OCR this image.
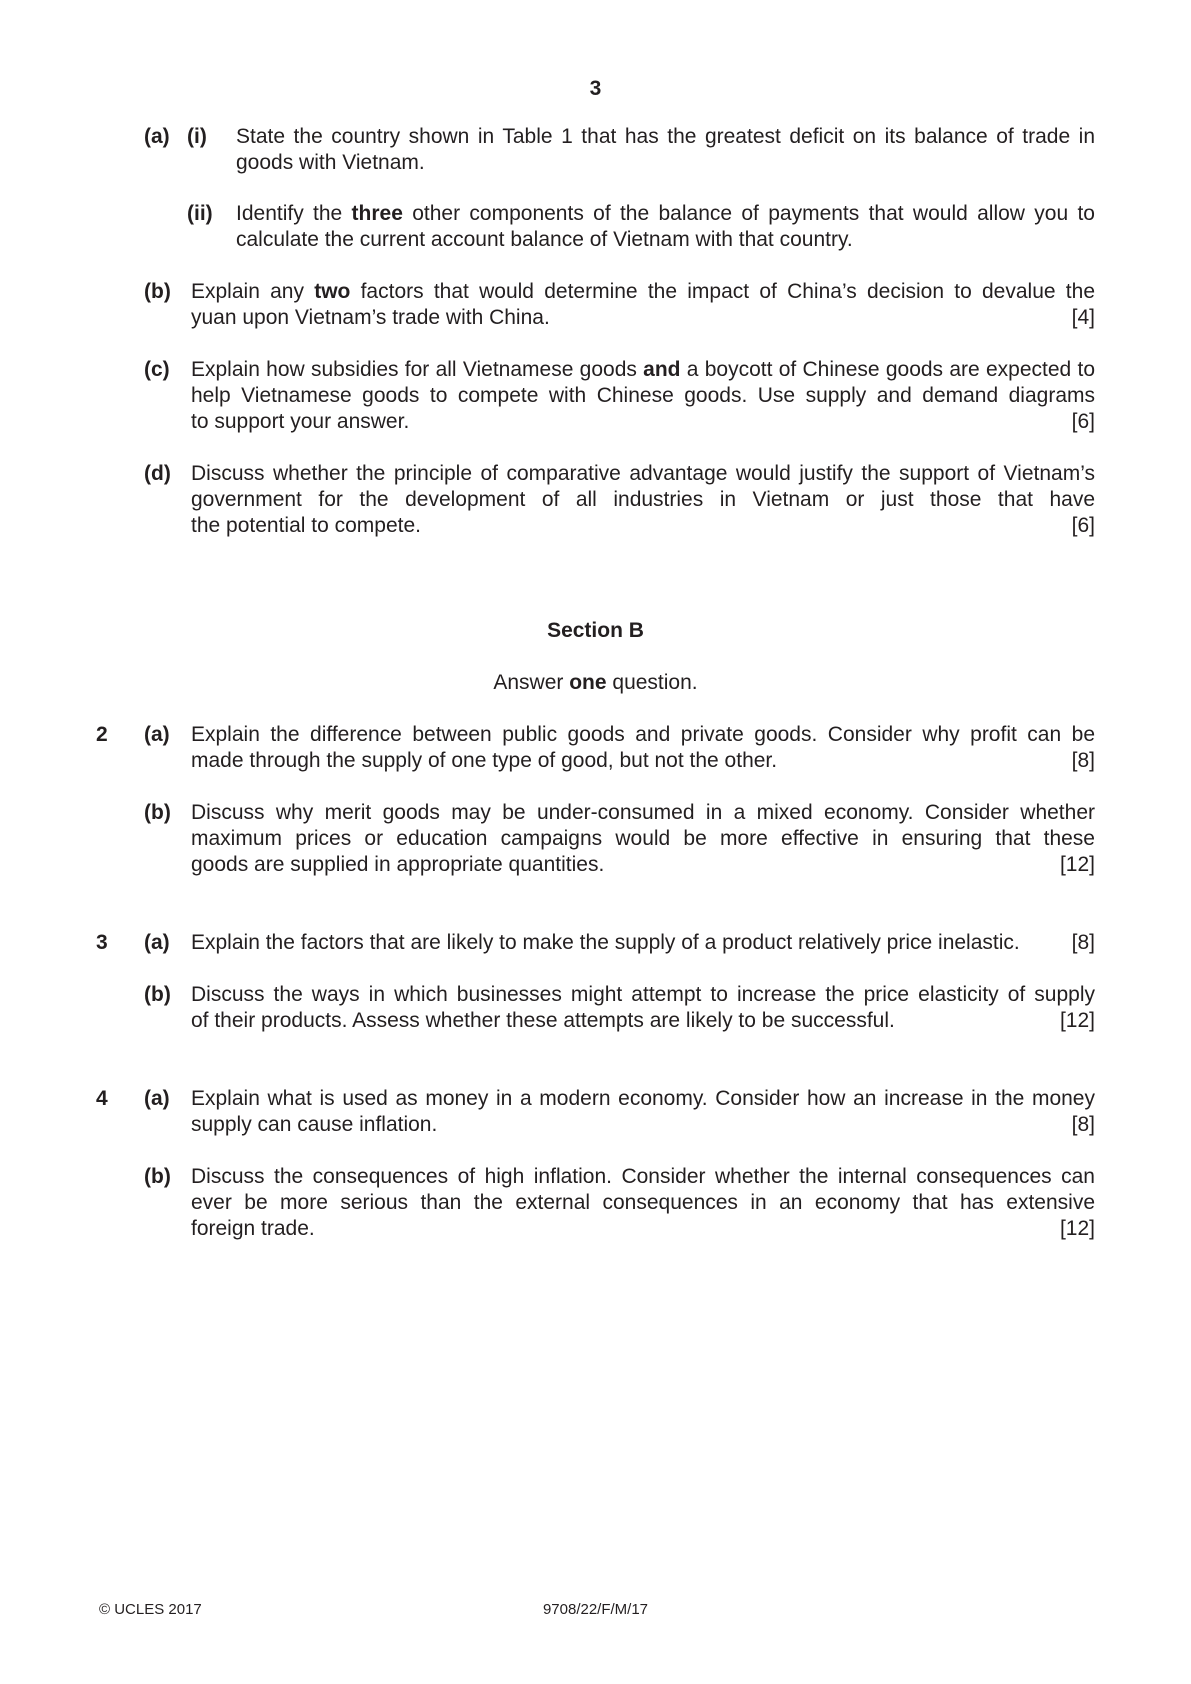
3
(a) (i) State the country shown in Table 1 that has the greatest deficit on its balance of trade in goods with Vietnam.
(ii) Identify the three other components of the balance of payments that would allow you to calculate the current account balance of Vietnam with that country.
(b) Explain any two factors that would determine the impact of China’s decision to devalue the
yuan upon Vietnam’s trade with China.	[4]
(c) Explain how subsidies for all Vietnamese goods and a boycott of Chinese goods are expected to help Vietnamese goods to compete with Chinese goods. Use supply and demand diagrams
to support your answer.	[6]
(d) Discuss whether the principle of comparative advantage would justify the support of Vietnam’s government for the development of all industries in Vietnam or just those that have
the potential to compete.	[6]
Section B
Answer one question.
2 (a) Explain the difference between public goods and private goods. Consider why profit can be
made through the supply of one type of good, but not the other.	[8]
(b) Discuss why merit goods may be under-consumed in a mixed economy. Consider whether maximum prices or education campaigns would be more effective in ensuring that these
goods are supplied in appropriate quantities.	[12]
3 (a) Explain the factors that are likely to make the supply of a product relatively price inelastic. [8]
(b) Discuss the ways in which businesses might attempt to increase the price elasticity of supply
of their products. Assess whether these attempts are likely to be successful.	[12]
4 (a) Explain what is used as money in a modern economy. Consider how an increase in the money
supply can cause inflation.	[8]
(b) Discuss the consequences of high inflation. Consider whether the internal consequences can ever be more serious than the external consequences in an economy that has extensive
foreign trade.	[12]
© UCLES 2017	9708/22/F/M/17
